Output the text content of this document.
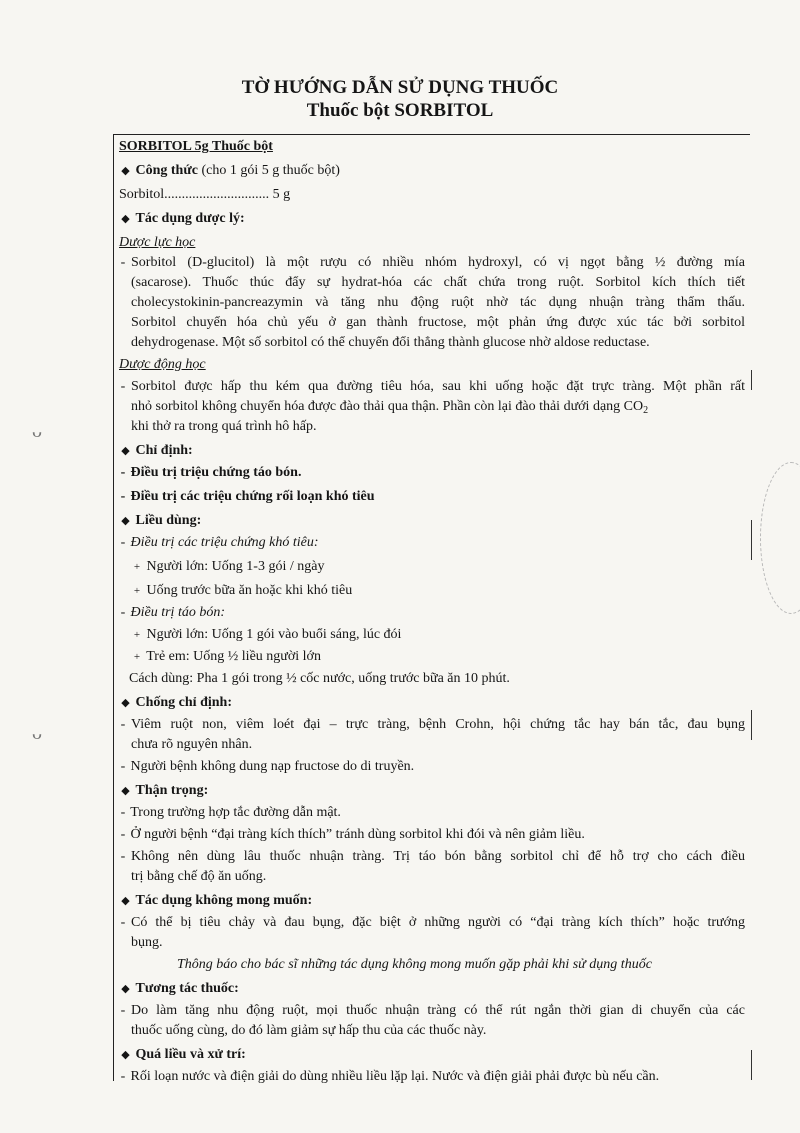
TỜ HƯỚNG DẪN SỬ DỤNG THUỐC
Thuốc bột SORBITOL
SORBITOL 5g Thuốc bột
◆ Công thức (cho 1 gói 5 g thuốc bột)
Sorbitol.............................. 5 g
◆ Tác dụng dược lý:
Dược lực học
- Sorbitol (D-glucitol) là một rượu có nhiều nhóm hydroxyl, có vị ngọt bằng ½ đường mía
(sacarose). Thuốc thúc đẩy sự hydrat-hóa các chất chứa trong ruột. Sorbitol kích thích tiết
cholecystokinin-pancreazymin và tăng nhu động ruột nhờ tác dụng nhuận tràng thẩm thấu.
Sorbitol chuyển hóa chủ yếu ở gan thành fructose, một phản ứng được xúc tác bởi sorbitol
dehydrogenase. Một số sorbitol có thể chuyển đổi thẳng thành glucose nhờ aldose reductase.
Dược động học
- Sorbitol được hấp thu kém qua đường tiêu hóa, sau khi uống hoặc đặt trực tràng. Một phần rất
nhỏ sorbitol không chuyển hóa được đào thải qua thận. Phần còn lại đào thải dưới dạng $CO_2$
khi thở ra trong quá trình hô hấp.
◆ Chỉ định:
- Điều trị triệu chứng táo bón.
- Điều trị các triệu chứng rối loạn khó tiêu
◆ Liều dùng:
- Điều trị các triệu chứng khó tiêu:
+ Người lớn: Uống 1-3 gói / ngày
+ Uống trước bữa ăn hoặc khi khó tiêu
- Điều trị táo bón:
+ Người lớn: Uống 1 gói vào buổi sáng, lúc đói
+ Trẻ em: Uống ½ liều người lớn
Cách dùng: Pha 1 gói trong ½ cốc nước, uống trước bữa ăn 10 phút.
◆ Chống chỉ định:
- Viêm ruột non, viêm loét đại – trực tràng, bệnh Crohn, hội chứng tắc hay bán tắc, đau bụng
chưa rõ nguyên nhân.
- Người bệnh không dung nạp fructose do di truyền.
◆ Thận trọng:
- Trong trường hợp tắc đường dẫn mật.
- Ở người bệnh “đại tràng kích thích” tránh dùng sorbitol khi đói và nên giảm liều.
- Không nên dùng lâu thuốc nhuận tràng. Trị táo bón bằng sorbitol chỉ để hỗ trợ cho cách điều
trị bằng chế độ ăn uống.
◆ Tác dụng không mong muốn:
- Có thể bị tiêu chảy và đau bụng, đặc biệt ở những người có “đại tràng kích thích” hoặc trướng
bụng.
Thông báo cho bác sĩ những tác dụng không mong muốn gặp phải khi sử dụng thuốc
◆ Tương tác thuốc:
- Do làm tăng nhu động ruột, mọi thuốc nhuận tràng có thể rút ngắn thời gian di chuyển của các
thuốc uống cùng, do đó làm giảm sự hấp thu của các thuốc này.
◆ Quá liều và xử trí:
- Rối loạn nước và điện giải do dùng nhiều liều lặp lại. Nước và điện giải phải được bù nếu cần.
ᴗ
ᴗ
